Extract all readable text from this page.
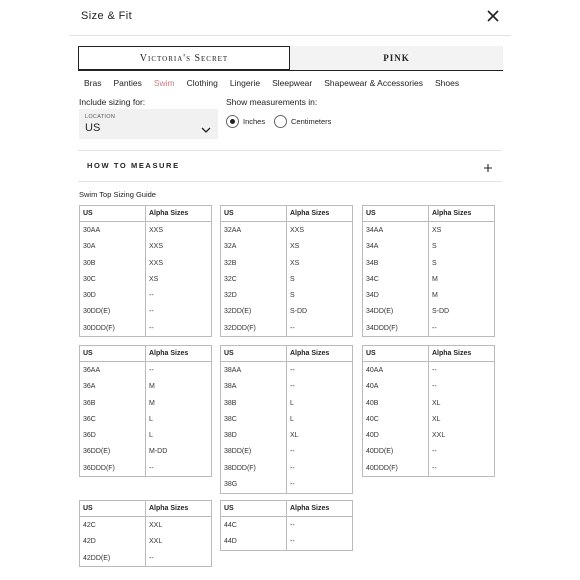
Size & Fit
Victoria's Secret	PINK
Bras Panties Swim Clothing Lingerie Sleepwear Shapewear & Accessories Shoes
Include sizing for:
LOCATION
US
Show measurements in:
Inches	Centimeters
HOW TO MEASURE
Swim Top Sizing Guide
US	Alpha Sizes
30AA	XXS
30A	XXS
30B	XXS
30C	XS
30D	--
30DD(E)	--
30DDD(F)	--
US	Alpha Sizes
32AA	XXS
32A	XS
32B	XS
32C	S
32D	S
32DD(E)	S-DD
32DDD(F)	--
US	Alpha Sizes
34AA	XS
34A	S
34B	S
34C	M
34D	M
34DD(E)	S-DD
34DDD(F)	--
US	Alpha Sizes
36AA	--
36A	M
36B	M
36C	L
36D	L
36DD(E)	M-DD
36DDD(F)	--
US	Alpha Sizes
38AA	--
38A	--
38B	L
38C	L
38D	XL
38DD(E)	--
38DDD(F)	--
38G	--
US	Alpha Sizes
40AA	--
40A	--
40B	XL
40C	XL
40D	XXL
40DD(E)	--
40DDD(F)	--
US	Alpha Sizes
42C	XXL
42D	XXL
42DD(E)	--
US	Alpha Sizes
44C	--
44D	--
